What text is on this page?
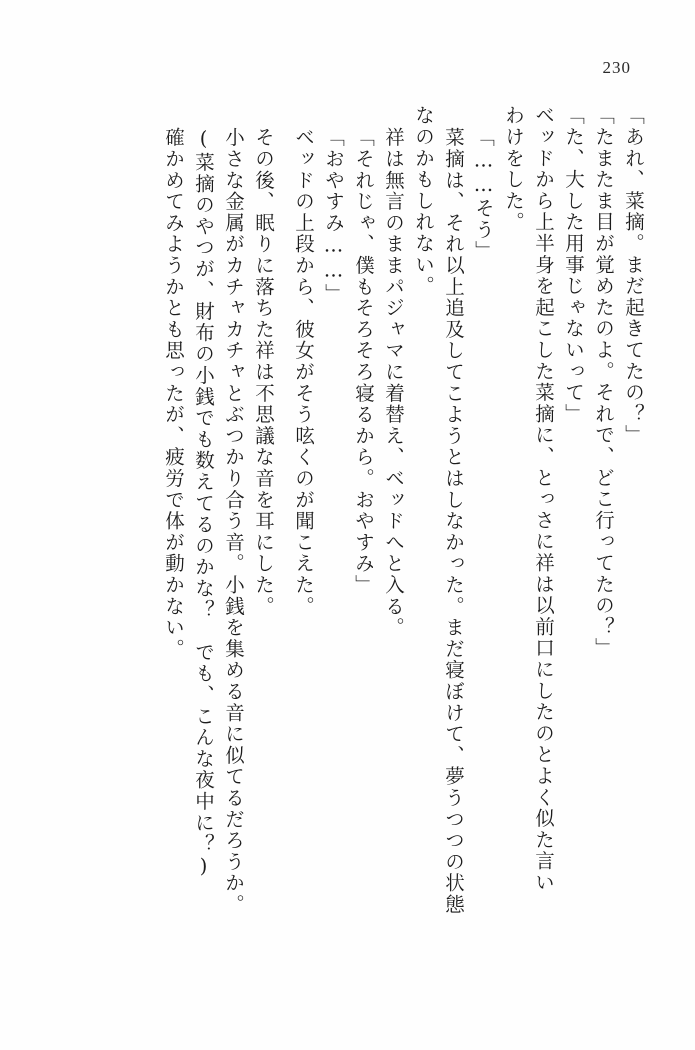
230
「あれ、菜摘。まだ起きてたの？」
「たまたま目が覚めたのよ。それで、どこ行ってたの？」
「た、大した用事じゃないって」
ベッドから上半身を起こした菜摘に、とっさに祥は以前口にしたのとよく似た言い
わけをした。
「……そう」
菜摘は、それ以上追及してこようとはしなかった。まだ寝ぼけて、夢うつつの状態
なのかもしれない。
祥は無言のままパジャマに着替え、ベッドへと入る。
「それじゃ、僕もそろそろ寝るから。おやすみ」
「おやすみ……」
ベッドの上段から、彼女がそう呟くのが聞こえた。
その後、眠りに落ちた祥は不思議な音を耳にした。
小さな金属がカチャカチャとぶつかり合う音。小銭を集める音に似てるだろうか。
(菜摘のやつが、財布の小銭でも数えてるのかな？　でも、こんな夜中に？)
確かめてみようかとも思ったが、疲労で体が動かない。
